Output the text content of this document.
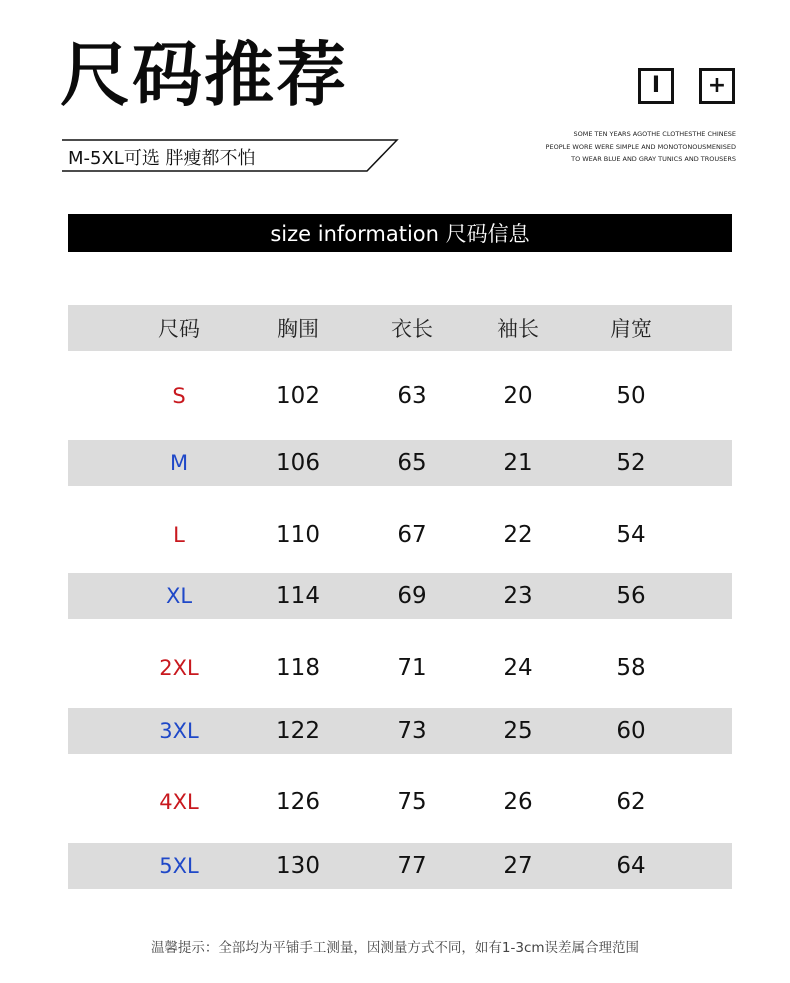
尺码推荐
M-5XL可选 胖瘦都不怕
I	+
SOME TEN YEARS AGOTHE CLOTHESTHE CHINESE
PEOPLE WORE WERE SIMPLE AND MONOTONOUSMENISED
TO WEAR BLUE AND GRAY TUNICS AND TROUSERS
size information 尺码信息
尺码	胸围	衣长	袖长	肩宽
S	102	63	20	50
M	106	65	21	52
L	110	67	22	54
XL	114	69	23	56
2XL	118	71	24	58
3XL	122	73	25	60
4XL	126	75	26	62
5XL	130	77	27	64
温馨提示：全部均为平铺手工测量，因测量方式不同，如有1-3cm误差属合理范围
